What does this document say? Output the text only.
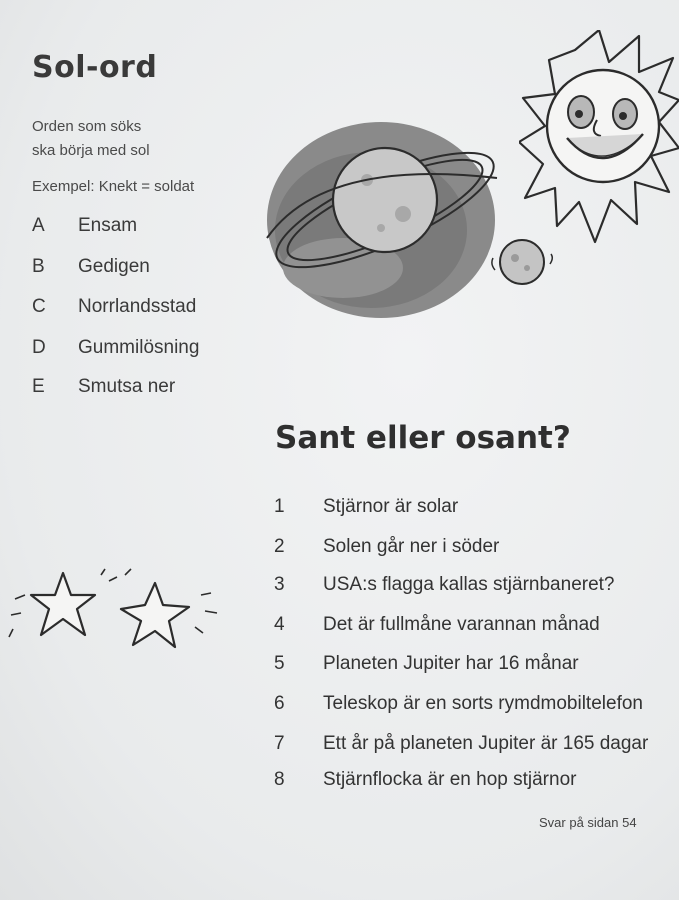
Sol-ord
Orden som söks
ska börja med sol
Exempel: Knekt = soldat
A Ensam
B Gedigen
C Norrlandsstad
D Gummilösning
E Smutsa ner
Sant eller osant?
1 Stjärnor är solar
2 Solen går ner i söder
3 USA:s flagga kallas stjärnbaneret?
4 Det är fullmåne varannan månad
5 Planeten Jupiter har 16 månar
6 Teleskop är en sorts rymdmobiltelefon
7 Ett år på planeten Jupiter är 165 dagar
8 Stjärnflocka är en hop stjärnor
Svar på sidan 54
